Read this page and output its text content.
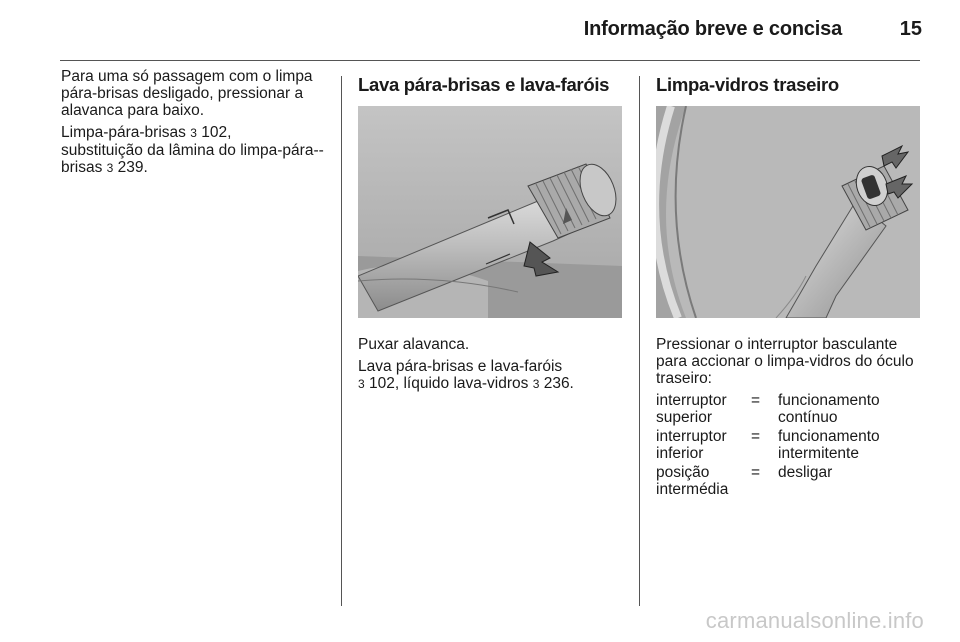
Informação breve e concisa	15

Para uma só passagem com o limpa pára-brisas desligado, pressionar a alavanca para baixo.

Limpa-pára-brisas 3 102,
substituição da lâmina do limpa-pára--brisas 3 239.

Lava pára-brisas e lava-faróis

Puxar alavanca.

Lava pára-brisas e lava-faróis
3 102, líquido lava-vidros 3 236.

Limpa-vidros traseiro

Pressionar o interruptor basculante para accionar o limpa-vidros do óculo traseiro:

interruptor superior	=	funcionamento contínuo
interruptor inferior	=	funcionamento intermitente
posição intermédia	=	desligar
carmanualsonline.info
